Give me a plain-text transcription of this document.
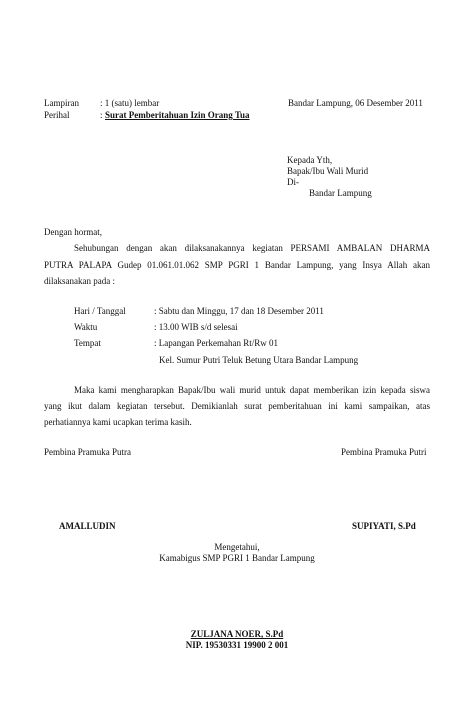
Lampiran : 1 (satu) lembar
Perihal	: Surat Pemberitahuan Izin Orang Tua
Bandar Lampung, 06 Desember 2011
Kepada Yth,
Bapak/Ibu Wali Murid
Di-
Bandar Lampung
Dengan hormat,
Sehubungan dengan akan dilaksanakannya kegiatan PERSAMI AMBALAN DHARMA
PUTRA PALAPA Gudep 01.061.01.062 SMP PGRI 1 Bandar Lampung, yang Insya Allah akan
dilaksanakan pada :
Hari / Tanggal	: Sabtu dan Minggu, 17 dan 18 Desember 2011
Waktu	: 13.00 WIB s/d selesai
Tempat	: Lapangan Perkemahan Rt/Rw 01
Kel. Sumur Putri Teluk Betung Utara Bandar Lampung
Maka kami mengharapkan Bapak/Ibu wali murid untuk dapat memberikan izin kepada siswa
yang ikut dalam kegiatan tersebut. Demikianlah surat pemberitahuan ini kami sampaikan, atas
perhatiannya kami ucapkan terima kasih.
Pembina Pramuka Putra	Pembina Pramuka Putri
AMALLUDIN	SUPIYATI, S.Pd
Mengetahui,
Kamabigus SMP PGRI 1 Bandar Lampung
ZULJANA NOER, S.Pd
NIP. 19530331 19900 2 001
